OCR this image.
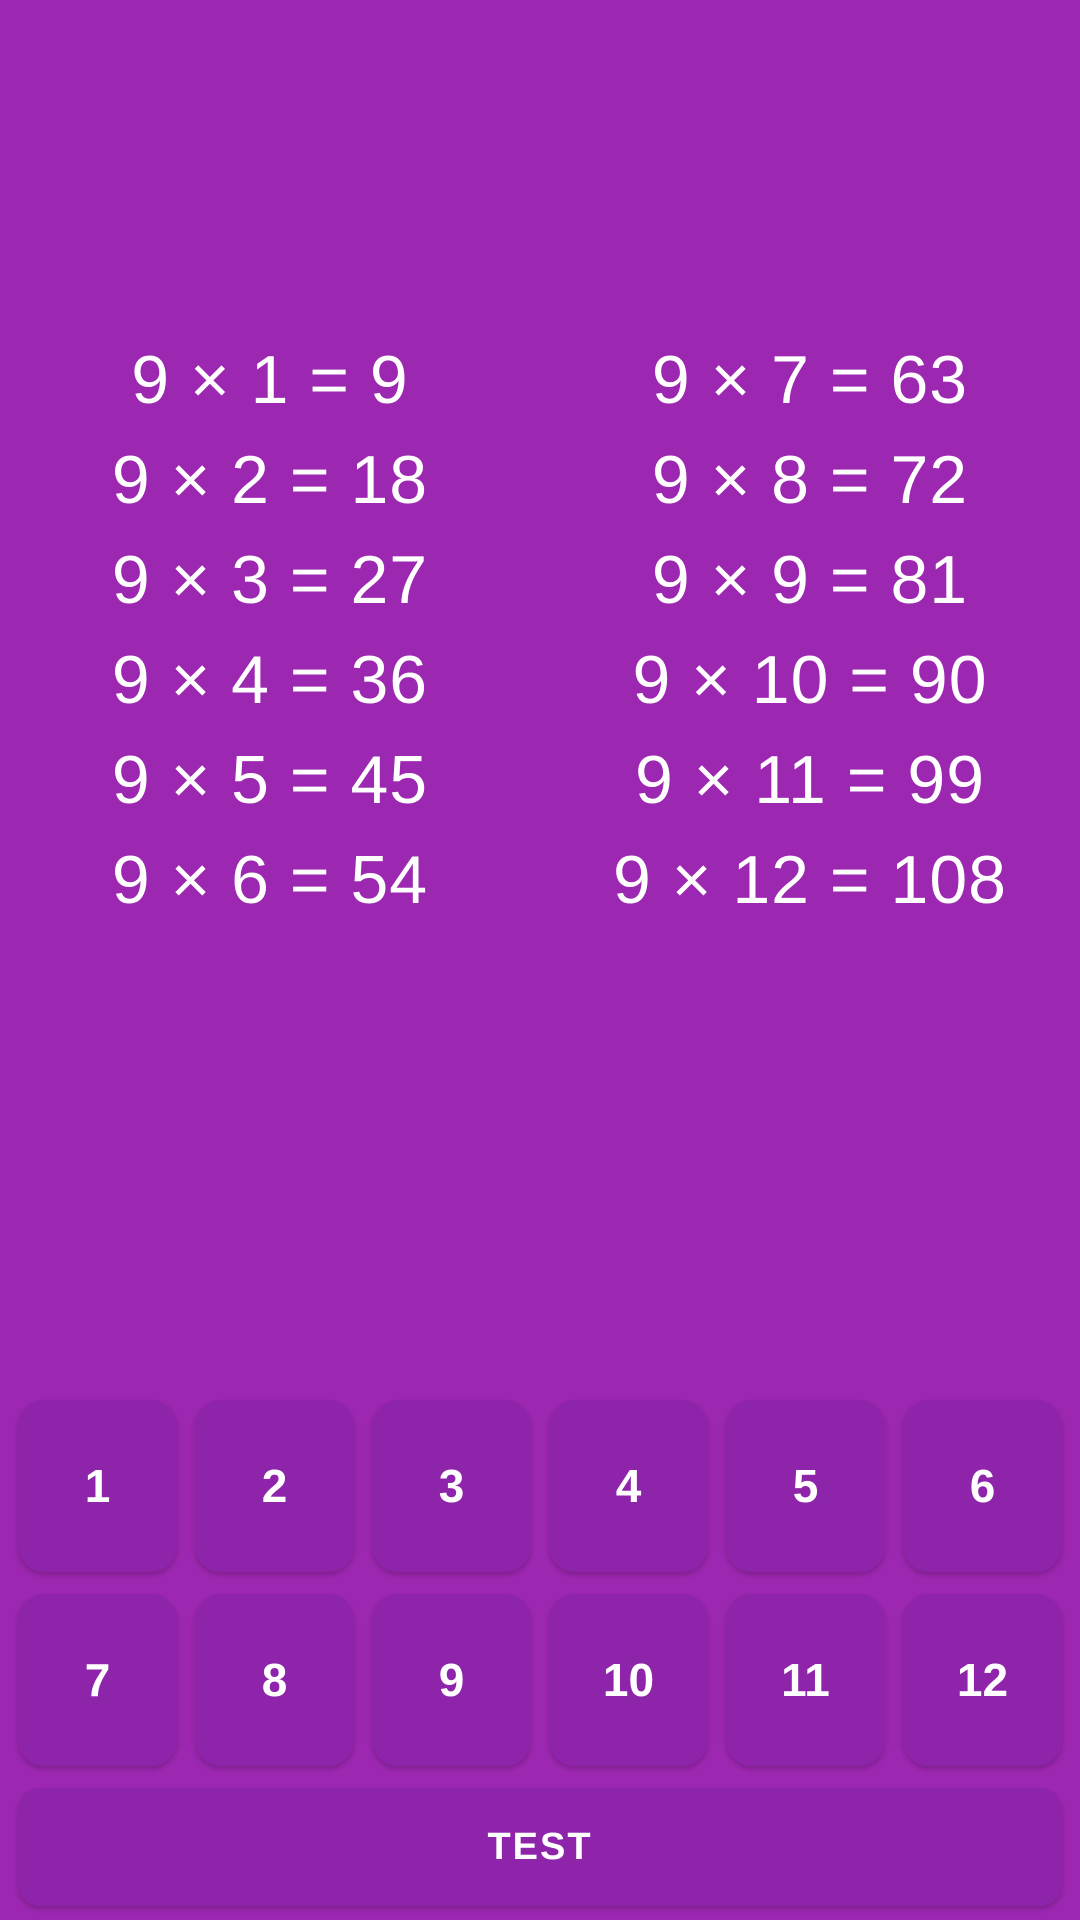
9 × 1 = 9
9 × 2 = 18
9 × 3 = 27
9 × 4 = 36
9 × 5 = 45
9 × 6 = 54
9 × 7 = 63
9 × 8 = 72
9 × 9 = 81
9 × 10 = 90
9 × 11 = 99
9 × 12 = 108
1	2	3	4	5	6
7	8	9	10	11	12
TEST
